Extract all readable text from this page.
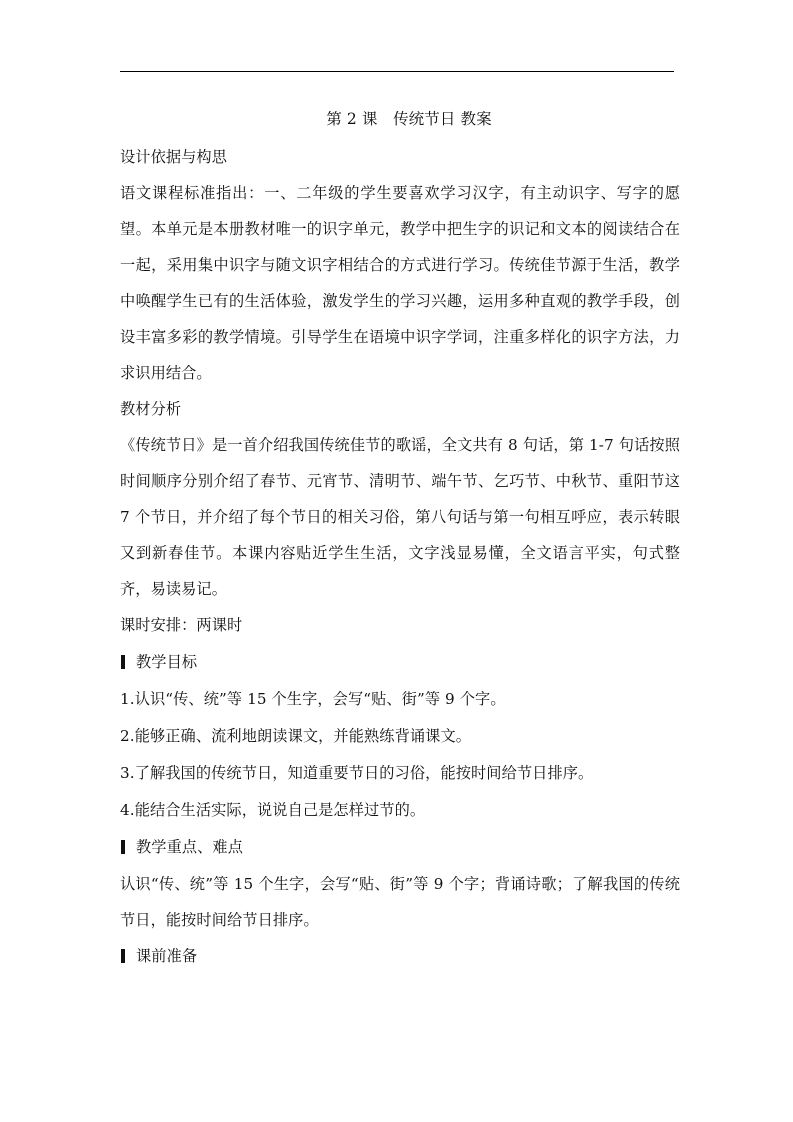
第 2 课　传统节日 教案
设计依据与构思

语文课程标准指出：一、二年级的学生要喜欢学习汉字，有主动识字、写字的愿望。本单元是本册教材唯一的识字单元，教学中把生字的识记和文本的阅读结合在一起，采用集中识字与随文识字相结合的方式进行学习。传统佳节源于生活，教学中唤醒学生已有的生活体验，激发学生的学习兴趣，运用多种直观的教学手段，创设丰富多彩的教学情境。引导学生在语境中识字学词，注重多样化的识字方法，力求识用结合。

教材分析

《传统节日》是一首介绍我国传统佳节的歌谣，全文共有 8 句话，第 1-7 句话按照时间顺序分别介绍了春节、元宵节、清明节、端午节、乞巧节、中秋节、重阳节这 7 个节日，并介绍了每个节日的相关习俗，第八句话与第一句相互呼应，表示转眼又到新春佳节。本课内容贴近学生生活，文字浅显易懂，全文语言平实，句式整齐，易读易记。

课时安排：两课时
教学目标
1.认识“传、统”等 15 个生字，会写“贴、街”等 9 个字。
2.能够正确、流利地朗读课文，并能熟练背诵课文。
3.了解我国的传统节日，知道重要节日的习俗，能按时间给节日排序。
4.能结合生活实际，说说自己是怎样过节的。
教学重点、难点

认识“传、统”等 15 个生字，会写“贴、街”等 9 个字；背诵诗歌；了解我国的传统节日，能按时间给节日排序。

课前准备
